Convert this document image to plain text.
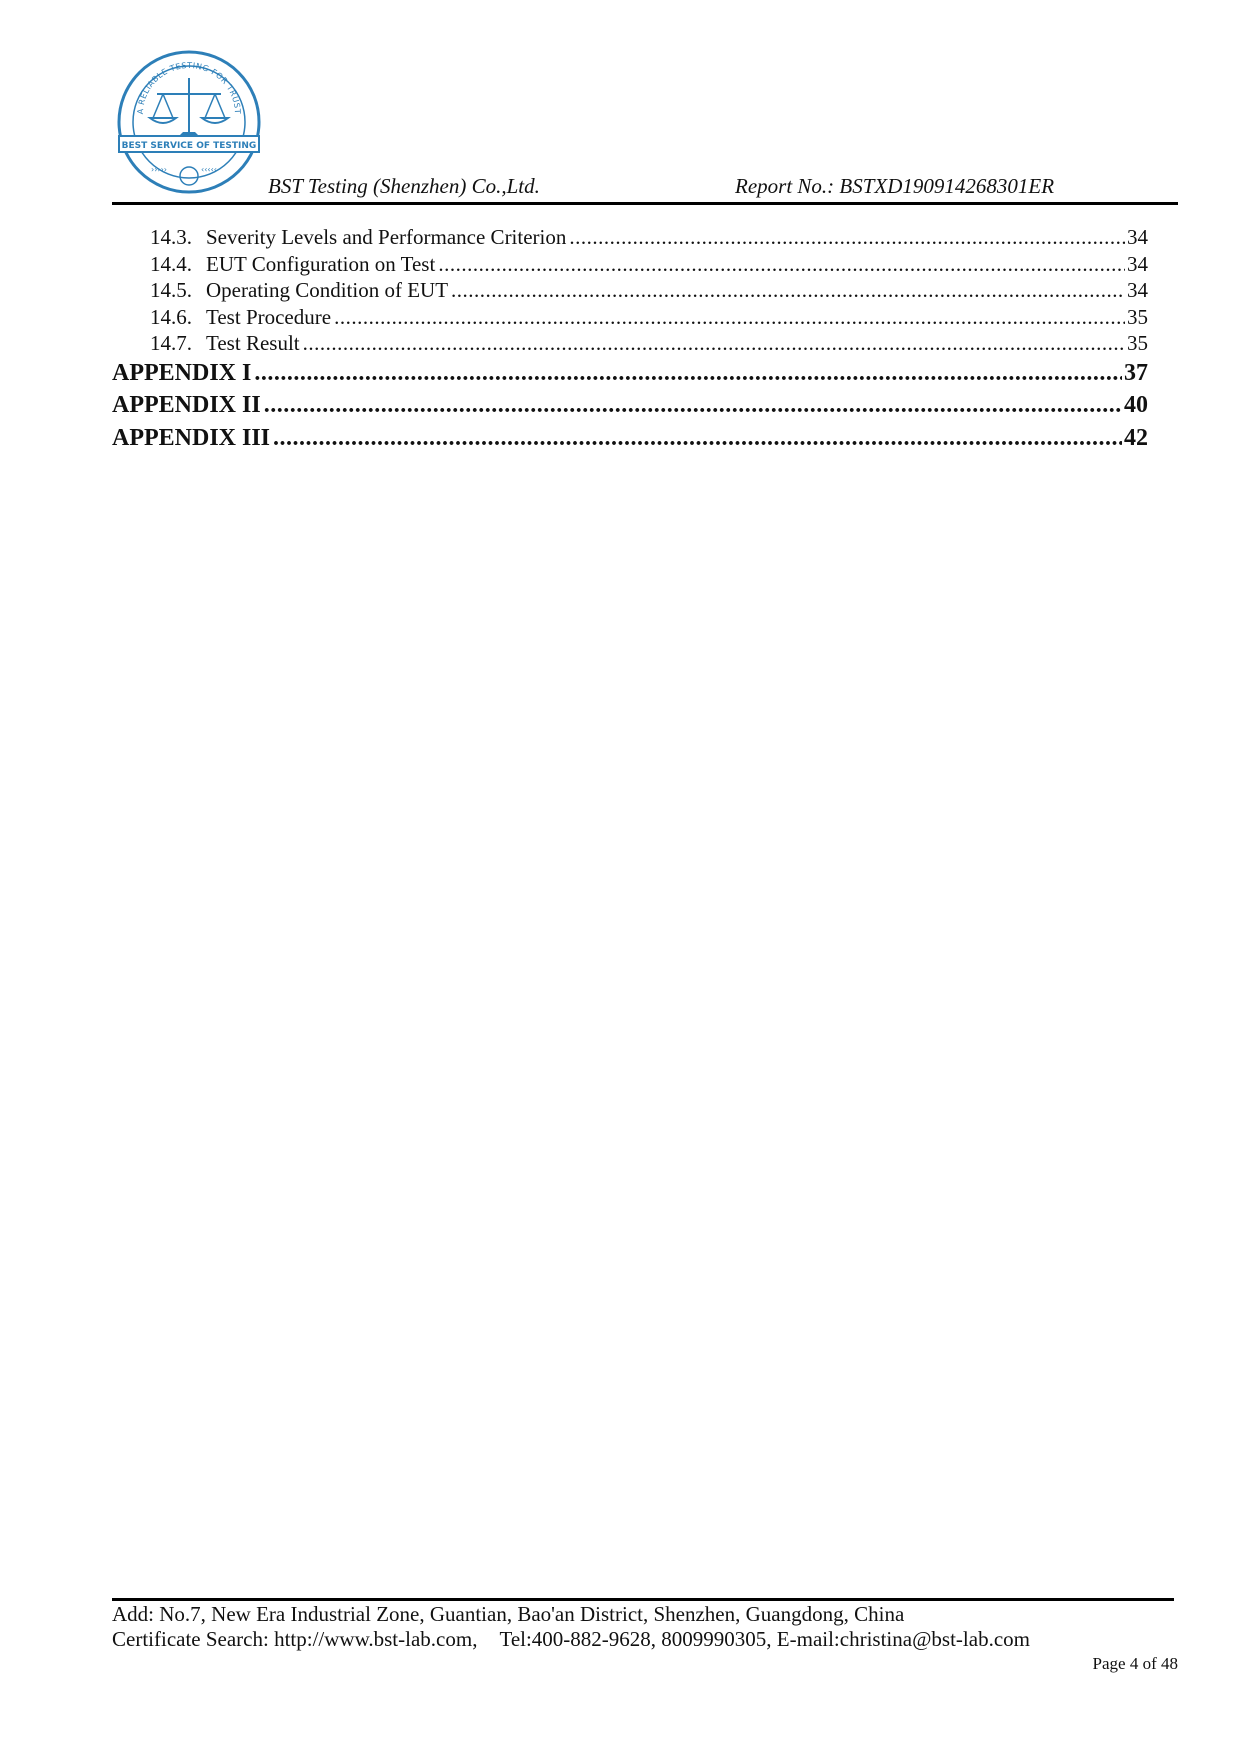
A RELIABLE TESTING FOR TRUST
BEST SERVICE OF TESTING
›››››	‹‹‹‹‹
BST Testing (Shenzhen) Co.,Ltd.	Report No.: BSTXD190914268301ER
14.3. Severity Levels and Performance Criterion .....	34
14.4. EUT Configuration on Test .....	34
14.5. Operating Condition of EUT .....	34
14.6. Test Procedure .....	35
14.7. Test Result .....	35
APPENDIX I .....	37
APPENDIX II .....	40
APPENDIX III .....	42
Add: No.7, New Era Industrial Zone, Guantian, Bao'an District, Shenzhen, Guangdong, China
Certificate Search: http://www.bst-lab.com, Tel:400-882-9628, 8009990305, E-mail:christina@bst-lab.com
Page 4 of 48
